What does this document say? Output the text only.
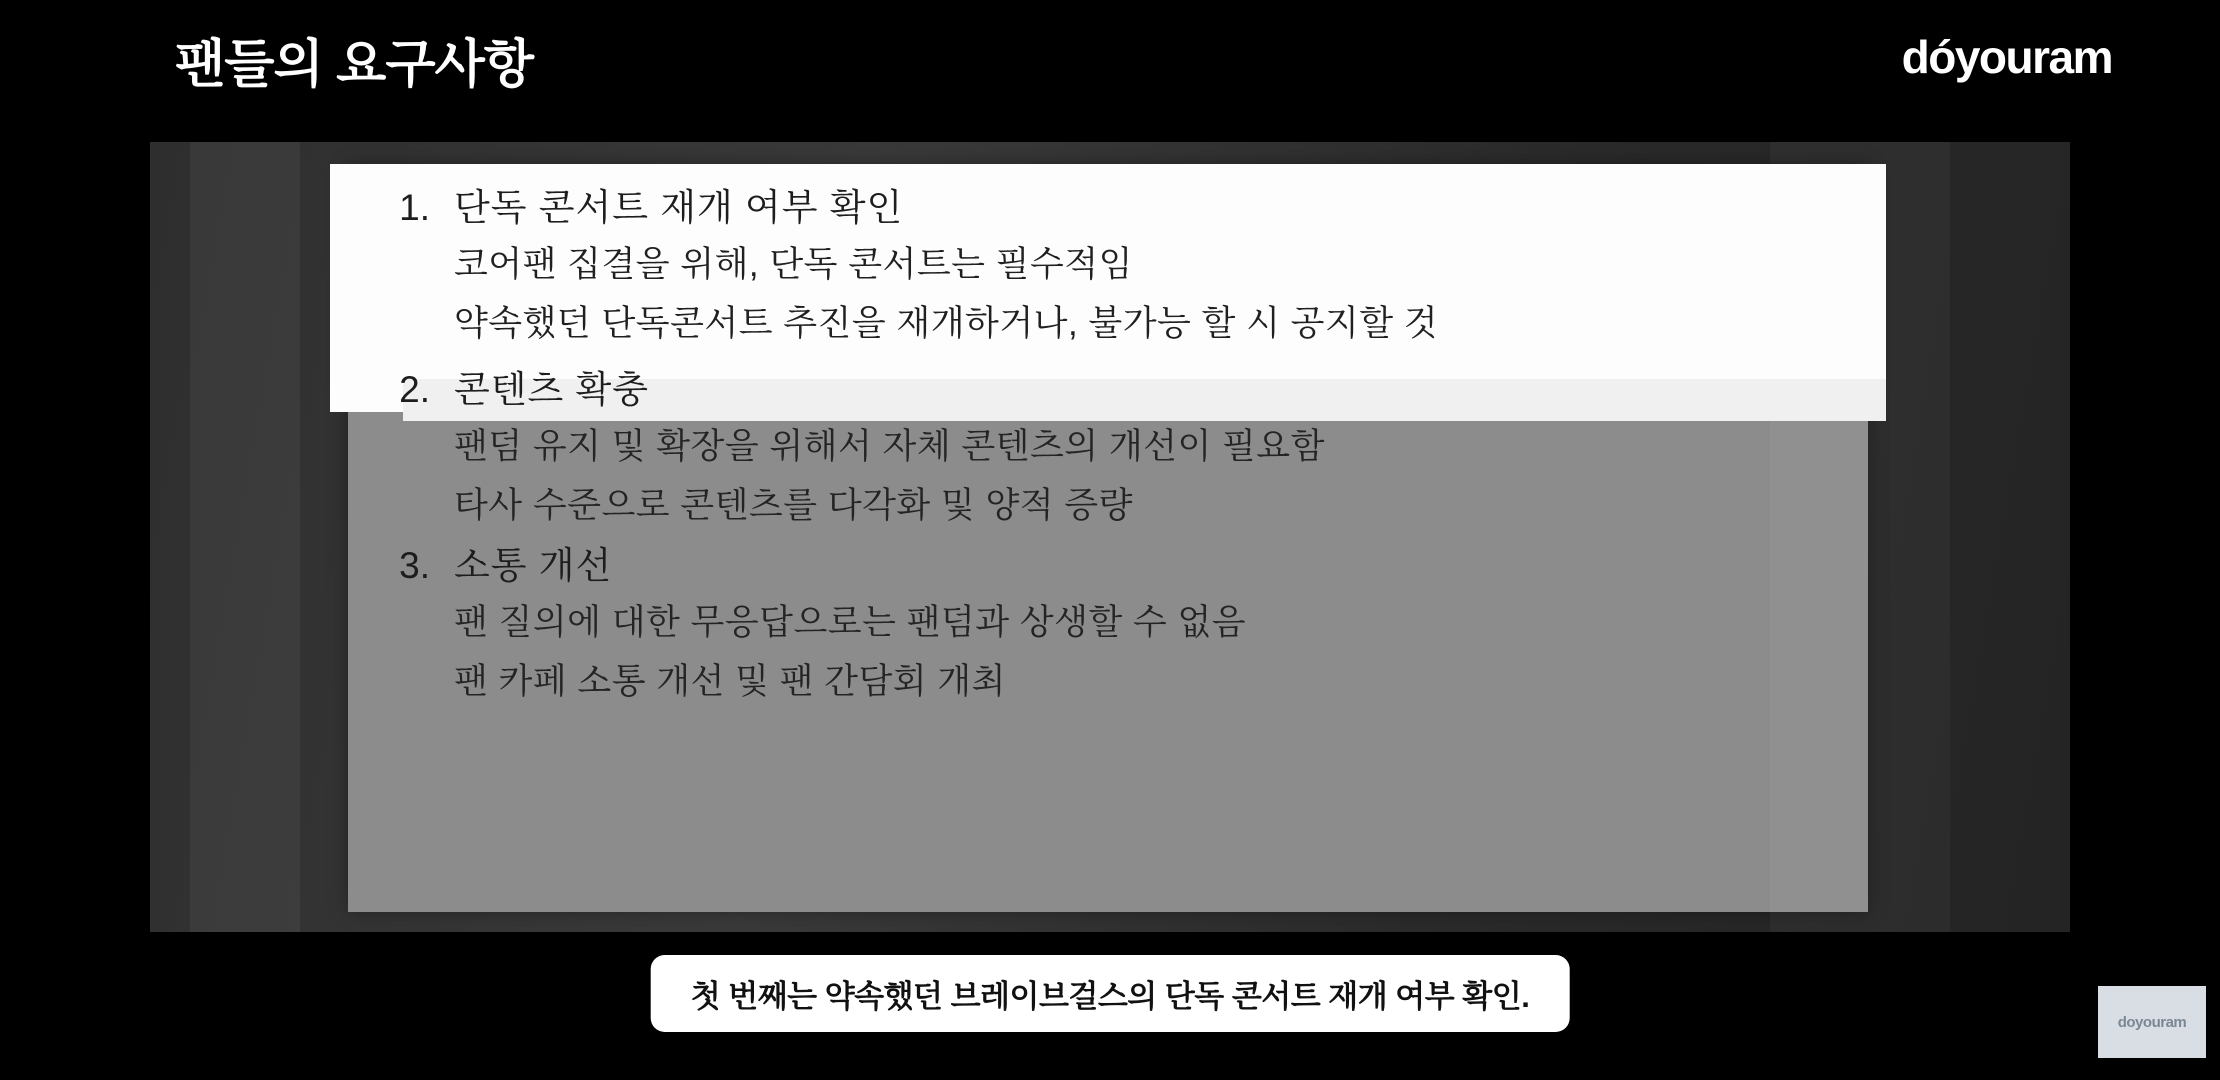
팬들의 요구사항	dóyouram
1. 단독 콘서트 재개 여부 확인
코어팬 집결을 위해, 단독 콘서트는 필수적임
약속했던 단독콘서트 추진을 재개하거나, 불가능 할 시 공지할 것
2. 콘텐츠 확충
팬덤 유지 및 확장을 위해서 자체 콘텐츠의 개선이 필요함
타사 수준으로 콘텐츠를 다각화 및 양적 증량
3. 소통 개선
팬 질의에 대한 무응답으로는 팬덤과 상생할 수 없음
팬 카페 소통 개선 및 팬 간담회 개최
첫 번째는 약속했던 브레이브걸스의 단독 콘서트 재개 여부 확인.
doyouram
